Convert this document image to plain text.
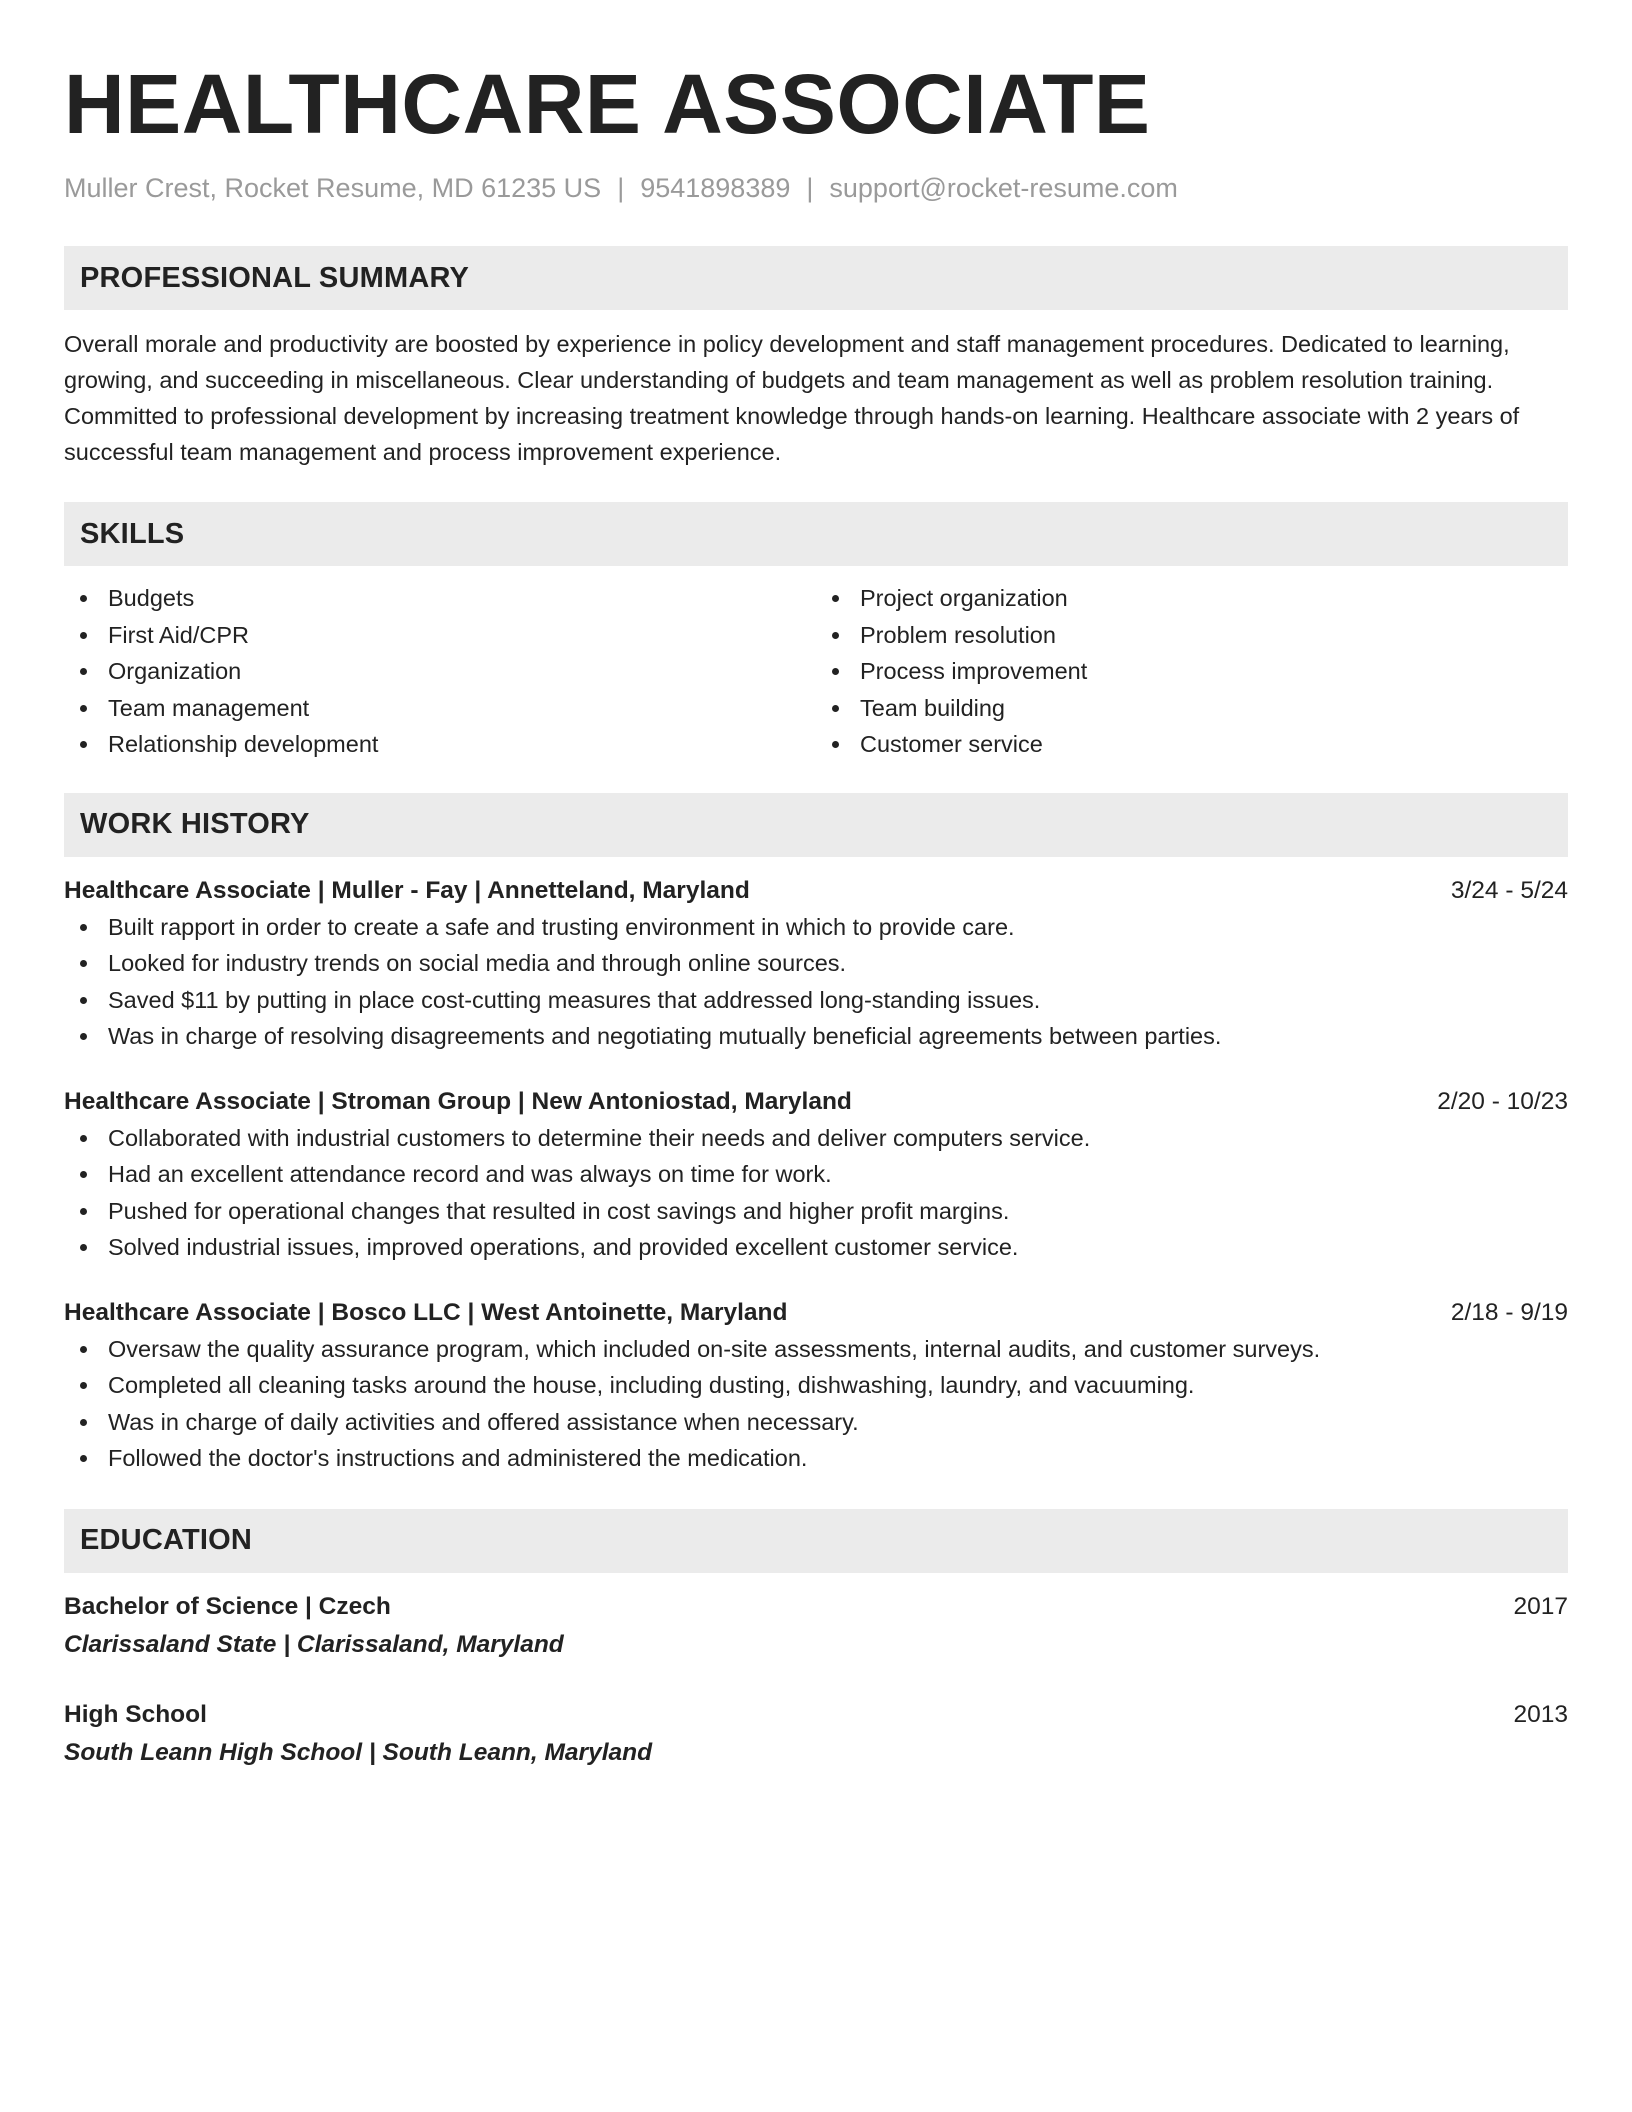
HEALTHCARE ASSOCIATE
Muller Crest, Rocket Resume, MD 61235 US | 9541898389 | support@rocket-resume.com
PROFESSIONAL SUMMARY
Overall morale and productivity are boosted by experience in policy development and staff management procedures. Dedicated to learning, growing, and succeeding in miscellaneous. Clear understanding of budgets and team management as well as problem resolution training. Committed to professional development by increasing treatment knowledge through hands-on learning. Healthcare associate with 2 years of successful team management and process improvement experience.
SKILLS
Budgets
First Aid/CPR
Organization
Team management
Relationship development
Project organization
Problem resolution
Process improvement
Team building
Customer service
WORK HISTORY
Healthcare Associate | Muller - Fay | Annetteland, Maryland	3/24 - 5/24
Built rapport in order to create a safe and trusting environment in which to provide care.
Looked for industry trends on social media and through online sources.
Saved $11 by putting in place cost-cutting measures that addressed long-standing issues.
Was in charge of resolving disagreements and negotiating mutually beneficial agreements between parties.
Healthcare Associate | Stroman Group | New Antoniostad, Maryland	2/20 - 10/23
Collaborated with industrial customers to determine their needs and deliver computers service.
Had an excellent attendance record and was always on time for work.
Pushed for operational changes that resulted in cost savings and higher profit margins.
Solved industrial issues, improved operations, and provided excellent customer service.
Healthcare Associate | Bosco LLC | West Antoinette, Maryland	2/18 - 9/19
Oversaw the quality assurance program, which included on-site assessments, internal audits, and customer surveys.
Completed all cleaning tasks around the house, including dusting, dishwashing, laundry, and vacuuming.
Was in charge of daily activities and offered assistance when necessary.
Followed the doctor's instructions and administered the medication.
EDUCATION
Bachelor of Science | Czech	2017
Clarissaland State | Clarissaland, Maryland
High School	2013
South Leann High School | South Leann, Maryland
